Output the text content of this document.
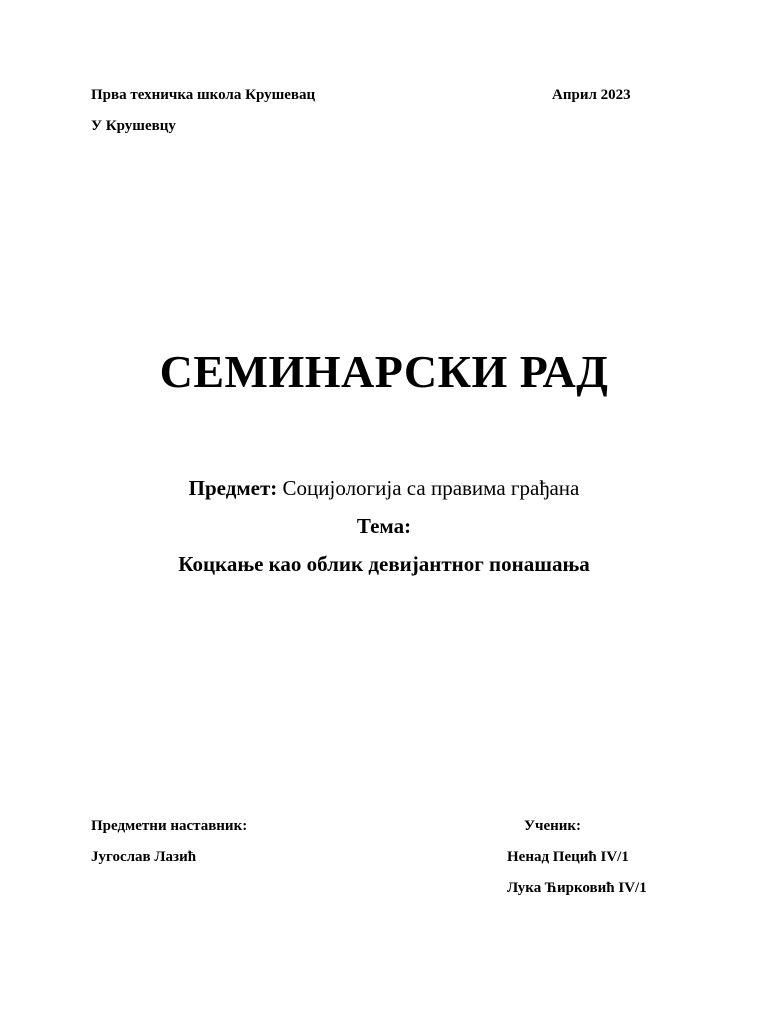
Прва техничка школа Крушевац	Април 2023
У Крушевцу
СЕМИНАРСКИ РАД
Предмет: Социјологија са правима грађана
Тема:
Коцкање као облик девијантног понашања
Предметни наставник:
Југослав Лазић
Ученик:
Ненад Пецић IV/1
Лука Ћирковић IV/1
